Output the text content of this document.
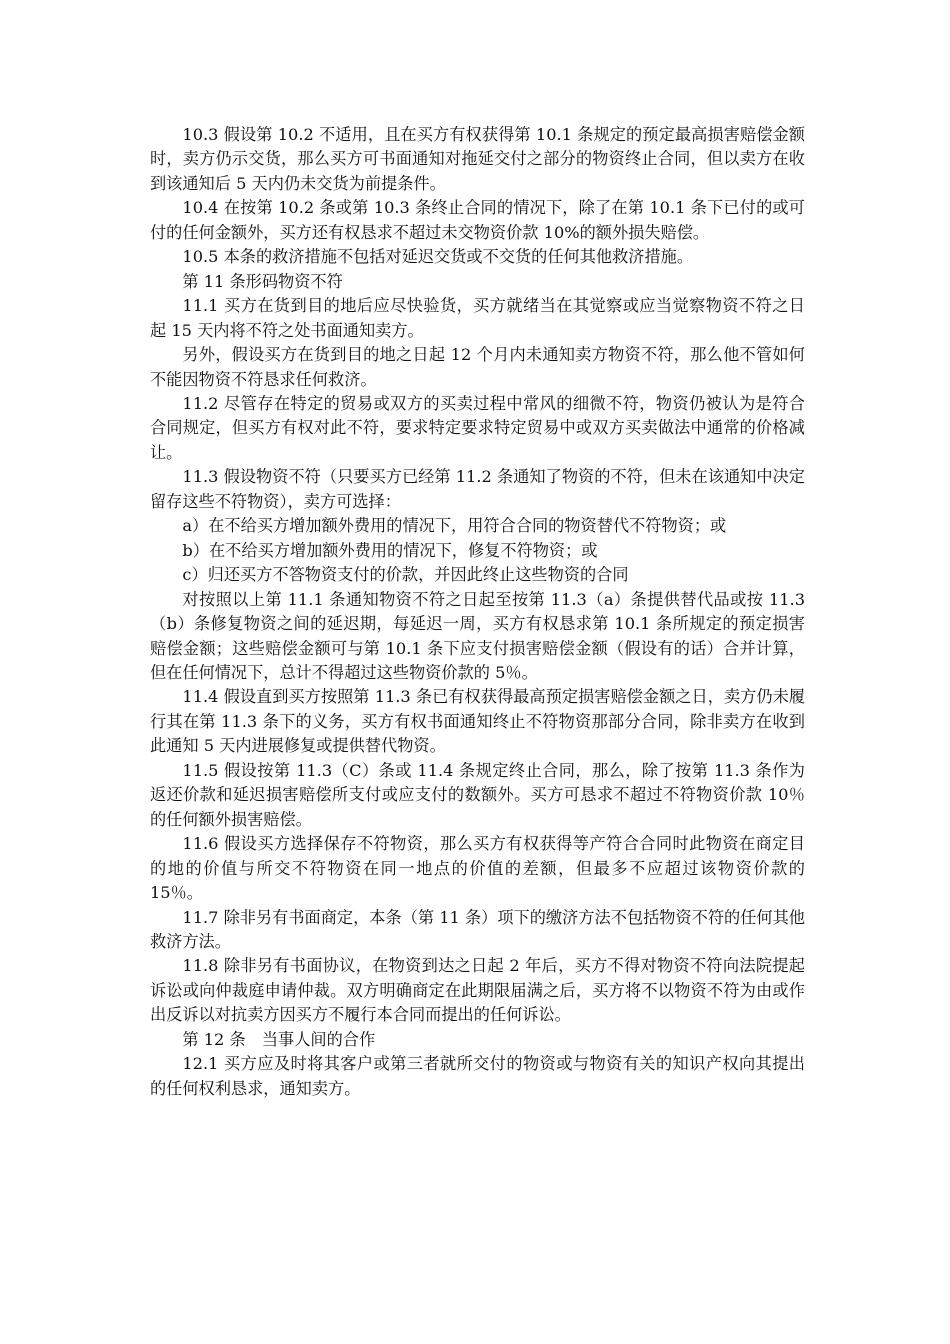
10.3 假设第 10.2 不适用，且在买方有权获得第 10.1 条规定的预定最高损害赔偿金额时，卖方仍示交货，那么买方可书面通知对拖延交付之部分的物资终止合同，但以卖方在收到该通知后 5 天内仍未交货为前提条件。

10.4 在按第 10.2 条或第 10.3 条终止合同的情况下，除了在第 10.1 条下已付的或可付的任何金额外，买方还有权恳求不超过未交物资价款 10%的额外损失赔偿。

10.5 本条的救济措施不包括对延迟交货或不交货的任何其他救济措施。

第 11 条形码物资不符

11.1 买方在货到目的地后应尽快验货，买方就绪当在其觉察或应当觉察物资不符之日起 15 天内将不符之处书面通知卖方。

另外，假设买方在货到目的地之日起 12 个月内未通知卖方物资不符，那么他不管如何不能因物资不符恳求任何救济。

11.2 尽管存在特定的贸易或双方的买卖过程中常风的细微不符，物资仍被认为是符合合同规定，但买方有权对此不符，要求特定要求特定贸易中或双方买卖做法中通常的价格减让。

11.3 假设物资不符（只要买方已经第 11.2 条通知了物资的不符，但未在该通知中决定留存这些不符物资），卖方可选择：

a）在不给买方增加额外费用的情况下，用符合合同的物资替代不符物资；或

b）在不给买方增加额外费用的情况下，修复不符物资；或

c）归还买方不答物资支付的价款，并因此终止这些物资的合同

对按照以上第 11.1 条通知物资不符之日起至按第 11.3（a）条提供替代品或按 11.3（b）条修复物资之间的延迟期，每延迟一周，买方有权恳求第 10.1 条所规定的预定损害赔偿金额；这些赔偿金额可与第 10.1 条下应支付损害赔偿金额（假设有的话）合并计算，但在任何情况下，总计不得超过这些物资价款的 5％。

11.4 假设直到买方按照第 11.3 条已有权获得最高预定损害赔偿金额之日，卖方仍未履行其在第 11.3 条下的义务，买方有权书面通知终止不符物资那部分合同，除非卖方在收到此通知 5 天内进展修复或提供替代物资。

11.5 假设按第 11.3（C）条或 11.4 条规定终止合同，那么，除了按第 11.3 条作为返还价款和延迟损害赔偿所支付或应支付的数额外。买方可恳求不超过不符物资价款 10％的任何额外损害赔偿。

11.6 假设买方选择保存不符物资，那么买方有权获得等产符合合同时此物资在商定目的地的价值与所交不符物资在同一地点的价值的差额，但最多不应超过该物资价款的 15％。

11.7 除非另有书面商定，本条（第 11 条）项下的缴济方法不包括物资不符的任何其他救济方法。

11.8 除非另有书面协议，在物资到达之日起 2 年后，买方不得对物资不符向法院提起诉讼或向仲裁庭申请仲裁。双方明确商定在此期限届满之后，买方将不以物资不符为由或作出反诉以对抗卖方因买方不履行本合同而提出的任何诉讼。

第 12 条　当事人间的合作

12.1 买方应及时将其客户或第三者就所交付的物资或与物资有关的知识产权向其提出的任何权利恳求，通知卖方。
